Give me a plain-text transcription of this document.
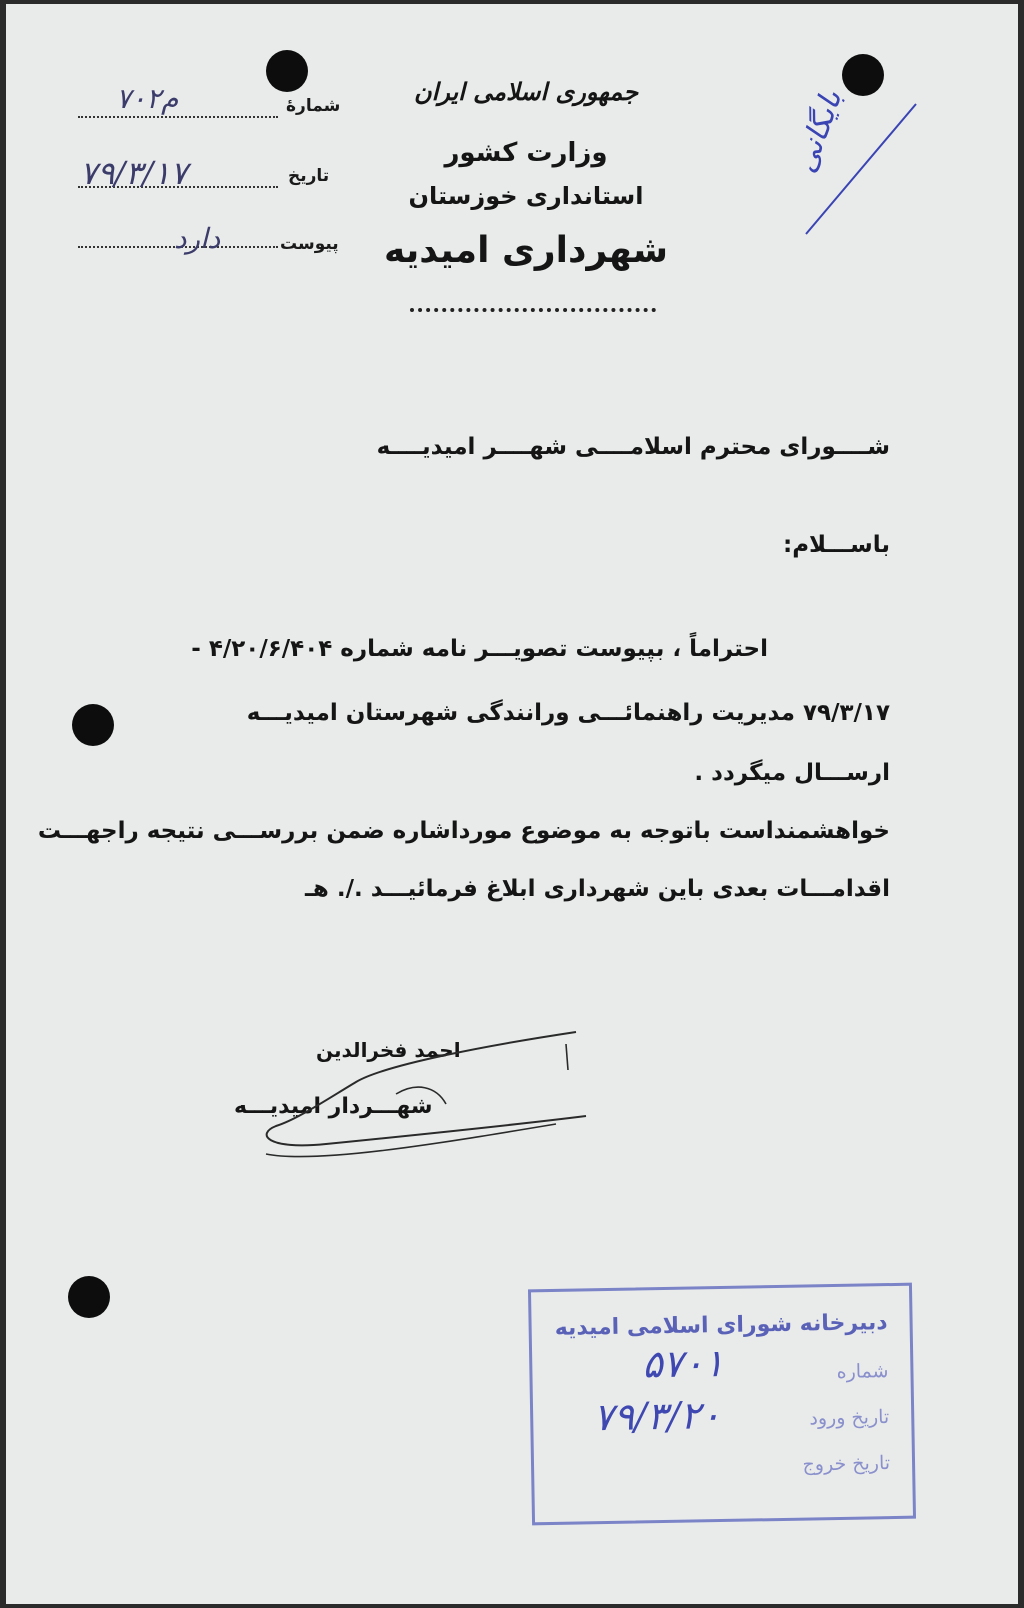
جمهوری اسلامی ایران
وزارت کشور
استانداری خوزستان
شهرداری امیدیه
شمارهٔ
۷۰۲م
تاریخ
۷۹/۳/۱۷
پیوست
دارد
بایگانی
شــــورای محترم اسلامــــی شهــــر امیدیــــه
باســـلام:
احتراماً ، بپیوست تصویـــر نامه شماره ۴/۲۰/۶/۴۰۴ -
۷۹/۳/۱۷ مدیریت راهنمائـــی ورانندگی شهرستان امیدیـــه
ارســـال میگردد .
خواهشمنداست باتوجه به موضوع مورداشاره ضمن بررســـی نتیجه راجهـــت
اقدامـــات بعدی باین شهرداری ابلاغ فرمائیـــد ./. هـ
احمد فخرالدین
شهـــردار امیدیـــه
دبیرخانه شورای اسلامی امیدیه
شماره
تاریخ ورود
تاریخ خروج
۵۷۰۱
۷۹/۳/۲۰
